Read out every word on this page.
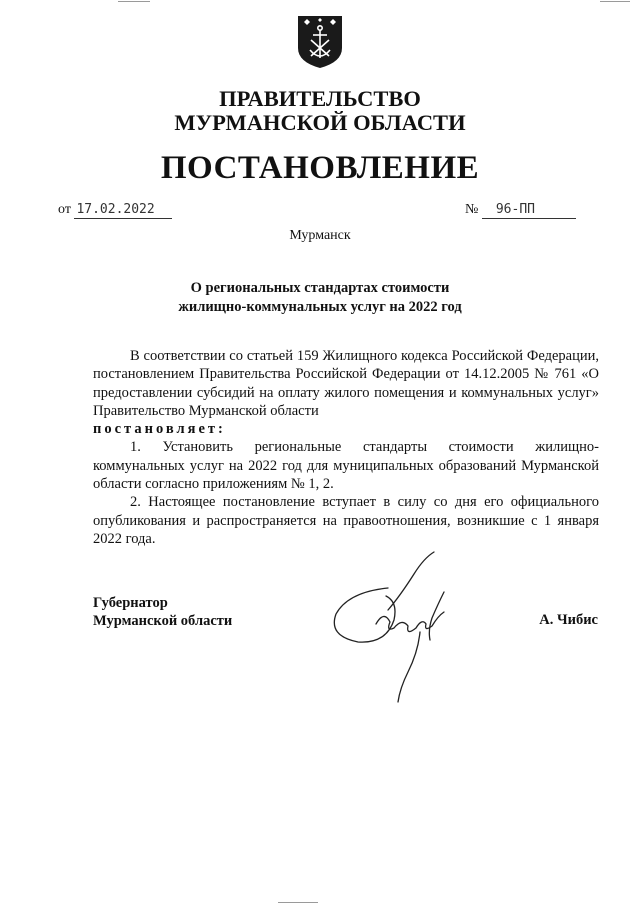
ПРАВИТЕЛЬСТВО
МУРМАНСКОЙ ОБЛАСТИ
ПОСТАНОВЛЕНИЕ
от 17.02.2022	№ 96-ПП
Мурманск
О региональных стандартах стоимости
жилищно-коммунальных услуг на 2022 год

В соответствии со статьей 159 Жилищного кодекса Российской Федерации, постановлением Правительства Российской Федерации от 14.12.2005 № 761 «О предоставлении субсидий на оплату жилого помещения и коммунальных услуг» Правительство Мурманской области

постановляет:

1. Установить региональные стандарты стоимости жилищно-коммунальных услуг на 2022 год для муниципальных образований Мурманской области согласно приложениям № 1, 2.

2. Настоящее постановление вступает в силу со дня его официального опубликования и распространяется на правоотношения, возникшие с 1 января 2022 года.

Губернатор
Мурманской области	А. Чибис
